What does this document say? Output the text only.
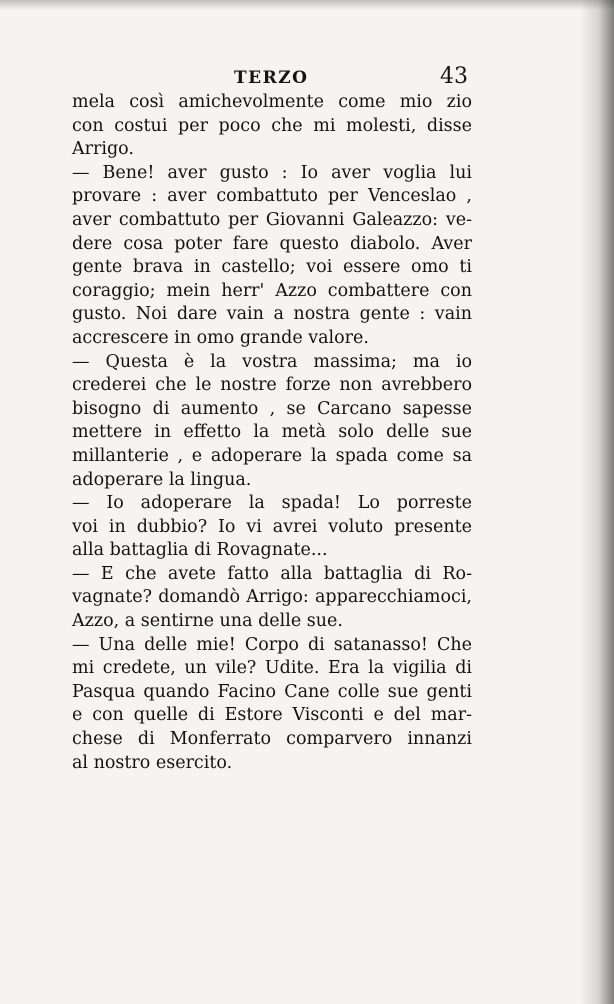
TERZO	43
mela così amichevolmente come mio zio
con costui per poco che mi molesti, disse
Arrigo.
— Bene! aver gusto : Io aver voglia lui
provare : aver combattuto per Venceslao ,
aver combattuto per Giovanni Galeazzo: ve-
dere cosa poter fare questo diabolo. Aver
gente brava in castello; voi essere omo ti
coraggio; mein herr' Azzo combattere con
gusto. Noi dare vain a nostra gente : vain
accrescere in omo grande valore.
— Questa è la vostra massima; ma io
crederei che le nostre forze non avrebbero
bisogno di aumento , se Carcano sapesse
mettere in effetto la metà solo delle sue
millanterie , e adoperare la spada come sa
adoperare la lingua.
— Io adoperare la spada! Lo porreste
voi in dubbio? Io vi avrei voluto presente
alla battaglia di Rovagnate...
— E che avete fatto alla battaglia di Ro-
vagnate? domandò Arrigo: apparecchiamoci,
Azzo, a sentirne una delle sue.
— Una delle mie! Corpo di satanasso! Che
mi credete, un vile? Udite. Era la vigilia di
Pasqua quando Facino Cane colle sue genti
e con quelle di Estore Visconti e del mar-
chese di Monferrato comparvero innanzi
al nostro esercito.
